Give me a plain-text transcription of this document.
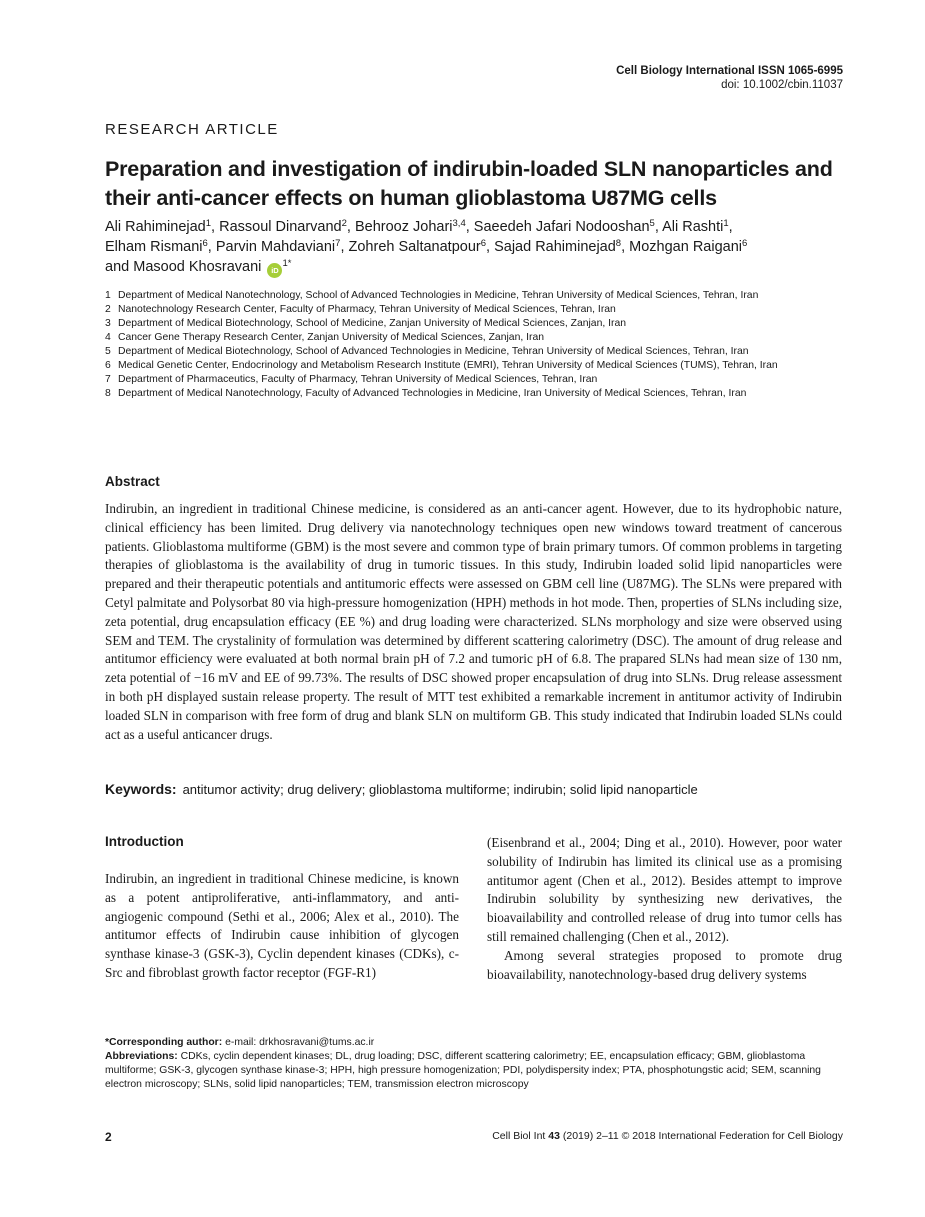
Cell Biology International ISSN 1065-6995
doi: 10.1002/cbin.11037
RESEARCH ARTICLE
Preparation and investigation of indirubin-loaded SLN nanoparticles and their anti-cancer effects on human glioblastoma U87MG cells
Ali Rahiminejad$^1$, Rassoul Dinarvand$^2$, Behrooz Johari$^{3,4}$, Saeedeh Jafari Nodooshan$^5$, Ali Rashti$^1$,
Elham Rismani$^6$, Parvin Mahdaviani$^7$, Zohreh Saltanatpour$^6$, Sajad Rahiminejad$^8$, Mozhgan Raigani$^6$
and Masood Khosravani $iD^{1*}$
1 Department of Medical Nanotechnology, School of Advanced Technologies in Medicine, Tehran University of Medical Sciences, Tehran, Iran
2 Nanotechnology Research Center, Faculty of Pharmacy, Tehran University of Medical Sciences, Tehran, Iran
3 Department of Medical Biotechnology, School of Medicine, Zanjan University of Medical Sciences, Zanjan, Iran
4 Cancer Gene Therapy Research Center, Zanjan University of Medical Sciences, Zanjan, Iran
5 Department of Medical Biotechnology, School of Advanced Technologies in Medicine, Tehran University of Medical Sciences, Tehran, Iran
6 Medical Genetic Center, Endocrinology and Metabolism Research Institute (EMRI), Tehran University of Medical Sciences (TUMS), Tehran, Iran
7 Department of Pharmaceutics, Faculty of Pharmacy, Tehran University of Medical Sciences, Tehran, Iran
8 Department of Medical Nanotechnology, Faculty of Advanced Technologies in Medicine, Iran University of Medical Sciences, Tehran, Iran
Abstract
Indirubin, an ingredient in traditional Chinese medicine, is considered as an anti-cancer agent. However, due to its hydrophobic nature, clinical efficiency has been limited. Drug delivery via nanotechnology techniques open new windows toward treatment of cancerous patients. Glioblastoma multiforme (GBM) is the most severe and common type of brain primary tumors. Of common problems in targeting therapies of glioblastoma is the availability of drug in tumoric tissues. In this study, Indirubin loaded solid lipid nanoparticles were prepared and their therapeutic potentials and antitumoric effects were assessed on GBM cell line (U87MG). The SLNs were prepared with Cetyl palmitate and Polysorbat 80 via high-pressure homogenization (HPH) methods in hot mode. Then, properties of SLNs including size, zeta potential, drug encapsulation efficacy (EE %) and drug loading were characterized. SLNs morphology and size were observed using SEM and TEM. The crystalinity of formulation was determined by different scattering calorimetry (DSC). The amount of drug release and antitumor efficiency were evaluated at both normal brain pH of 7.2 and tumoric pH of 6.8. The prapared SLNs had mean size of 130 nm, zeta potential of −16 mV and EE of 99.73%. The results of DSC showed proper encapsulation of drug into SLNs. Drug release assessment in both pH displayed sustain release property. The result of MTT test exhibited a remarkable increment in antitumor activity of Indirubin loaded SLN in comparison with free form of drug and blank SLN on multiform GB. This study indicated that Indirubin loaded SLNs could act as a useful anticancer drugs.
Keywords: antitumor activity; drug delivery; glioblastoma multiforme; indirubin; solid lipid nanoparticle
Introduction
Indirubin, an ingredient in traditional Chinese medicine, is known as a potent antiproliferative, anti-inflammatory, and anti-angiogenic compound (Sethi et al., 2006; Alex et al., 2010). The antitumor effects of Indirubin cause inhibition of glycogen synthase kinase-3 (GSK-3), Cyclin dependent kinases (CDKs), c-Src and fibroblast growth factor receptor (FGF-R1)

(Eisenbrand et al., 2004; Ding et al., 2010). However, poor water solubility of Indirubin has limited its clinical use as a promising antitumor agent (Chen et al., 2012). Besides attempt to improve Indirubin solubility by synthesizing new derivatives, the bioavailability and controlled release of drug into tumor cells has still remained challenging (Chen et al., 2012).

Among several strategies proposed to promote drug bioavailability, nanotechnology-based drug delivery systems

*Corresponding author: e-mail: drkhosravani@tums.ac.ir
Abbreviations: CDKs, cyclin dependent kinases; DL, drug loading; DSC, different scattering calorimetry; EE, encapsulation efficacy; GBM, glioblastoma multiforme; GSK-3, glycogen synthase kinase-3; HPH, high pressure homogenization; PDI, polydispersity index; PTA, phosphotungstic acid; SEM, scanning electron microscopy; SLNs, solid lipid nanoparticles; TEM, transmission electron microscopy
2	Cell Biol Int 43 (2019) 2–11 © 2018 International Federation for Cell Biology
